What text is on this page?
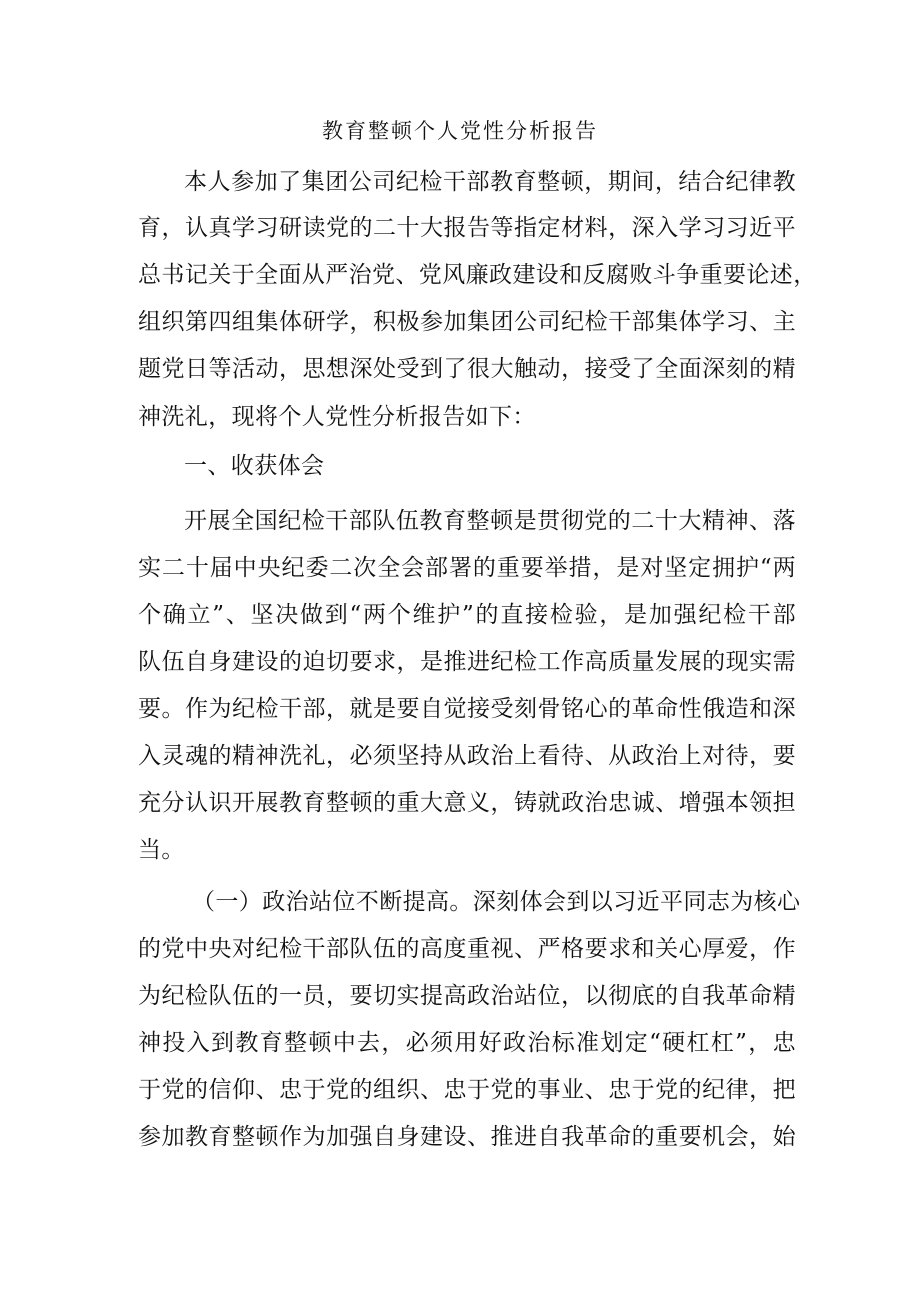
教育整顿个人党性分析报告
本人参加了集团公司纪检干部教育整顿，期间，结合纪律教
育，认真学习研读党的二十大报告等指定材料，深入学习习近平
总书记关于全面从严治党、党风廉政建设和反腐败斗争重要论述，
组织第四组集体研学，积极参加集团公司纪检干部集体学习、主
题党日等活动，思想深处受到了很大触动，接受了全面深刻的精
神洗礼，现将个人党性分析报告如下：
一、收获体会
开展全国纪检干部队伍教育整顿是贯彻党的二十大精神、落
实二十届中央纪委二次全会部署的重要举措，是对坚定拥护“两
个确立”、坚决做到“两个维护”的直接检验，是加强纪检干部
队伍自身建设的迫切要求，是推进纪检工作高质量发展的现实需
要。作为纪检干部，就是要自觉接受刻骨铭心的革命性俄造和深
入灵魂的精神洗礼，必须坚持从政治上看待、从政治上对待，要
充分认识开展教育整顿的重大意义，铸就政治忠诚、增强本领担
当。
（一）政治站位不断提高。深刻体会到以习近平同志为核心
的党中央对纪检干部队伍的高度重视、严格要求和关心厚爱，作
为纪检队伍的一员，要切实提高政治站位，以彻底的自我革命精
神投入到教育整顿中去，必须用好政治标准划定“硬杠杠”，忠
于党的信仰、忠于党的组织、忠于党的事业、忠于党的纪律，把
参加教育整顿作为加强自身建设、推进自我革命的重要机会，始
